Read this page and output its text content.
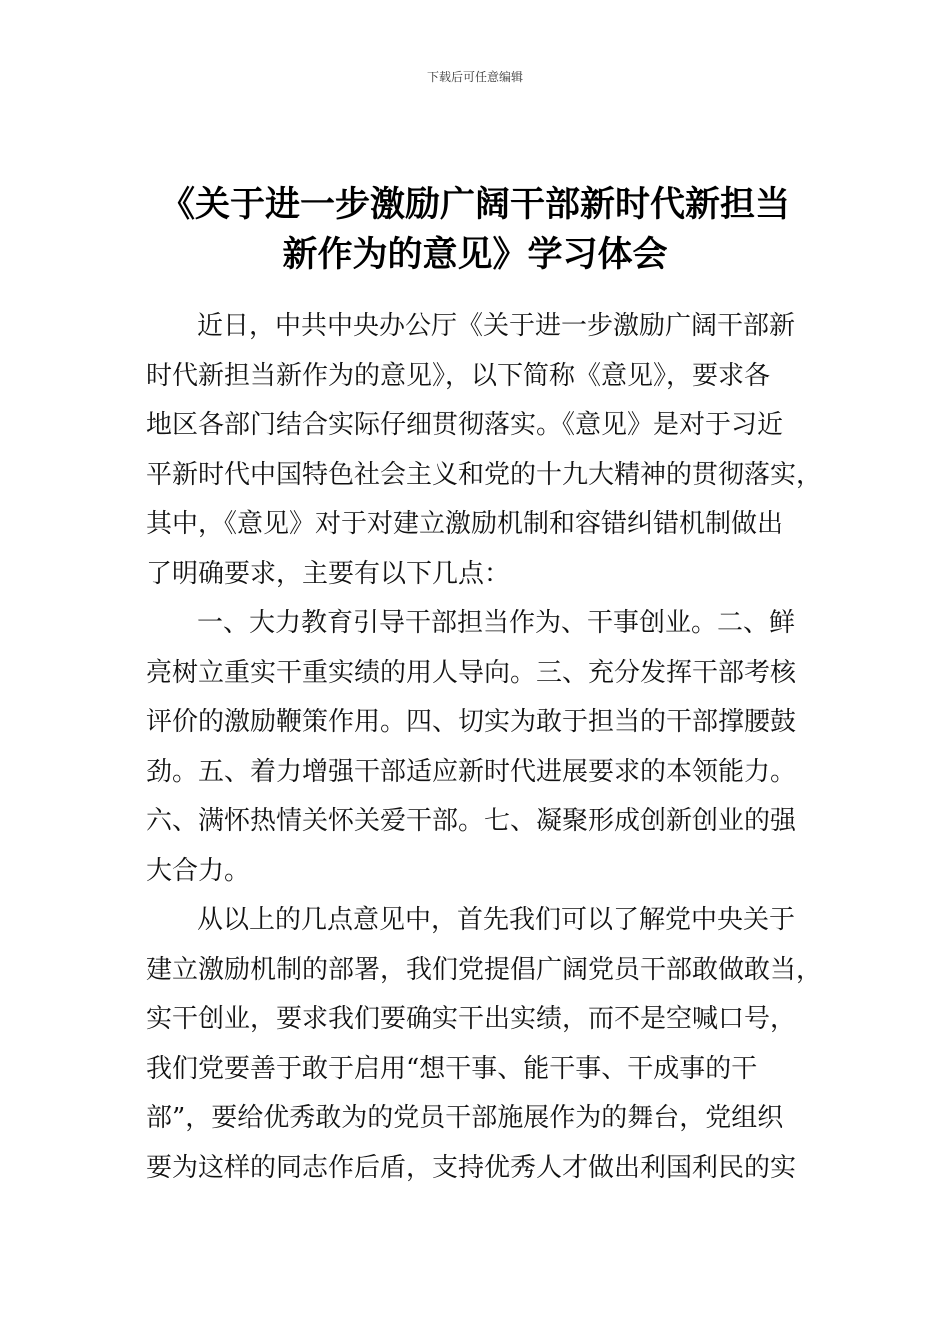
下载后可任意编辑
《关于进一步激励广阔干部新时代新担当
新作为的意见》学习体会
近日，中共中央办公厅《关于进一步激励广阔干部新
时代新担当新作为的意见》，以下简称《意见》，要求各
地区各部门结合实际仔细贯彻落实。《意见》是对于习近
平新时代中国特色社会主义和党的十九大精神的贯彻落实，
其中，《意见》对于对建立激励机制和容错纠错机制做出
了明确要求，主要有以下几点：
一、大力教育引导干部担当作为、干事创业。二、鲜
亮树立重实干重实绩的用人导向。三、充分发挥干部考核
评价的激励鞭策作用。四、切实为敢于担当的干部撑腰鼓
劲。五、着力增强干部适应新时代进展要求的本领能力。
六、满怀热情关怀关爱干部。七、凝聚形成创新创业的强
大合力。
从以上的几点意见中，首先我们可以了解党中央关于
建立激励机制的部署，我们党提倡广阔党员干部敢做敢当，
实干创业，要求我们要确实干出实绩，而不是空喊口号，
我们党要善于敢于启用“想干事、能干事、干成事的干
部”，要给优秀敢为的党员干部施展作为的舞台，党组织
要为这样的同志作后盾，支持优秀人才做出利国利民的实
